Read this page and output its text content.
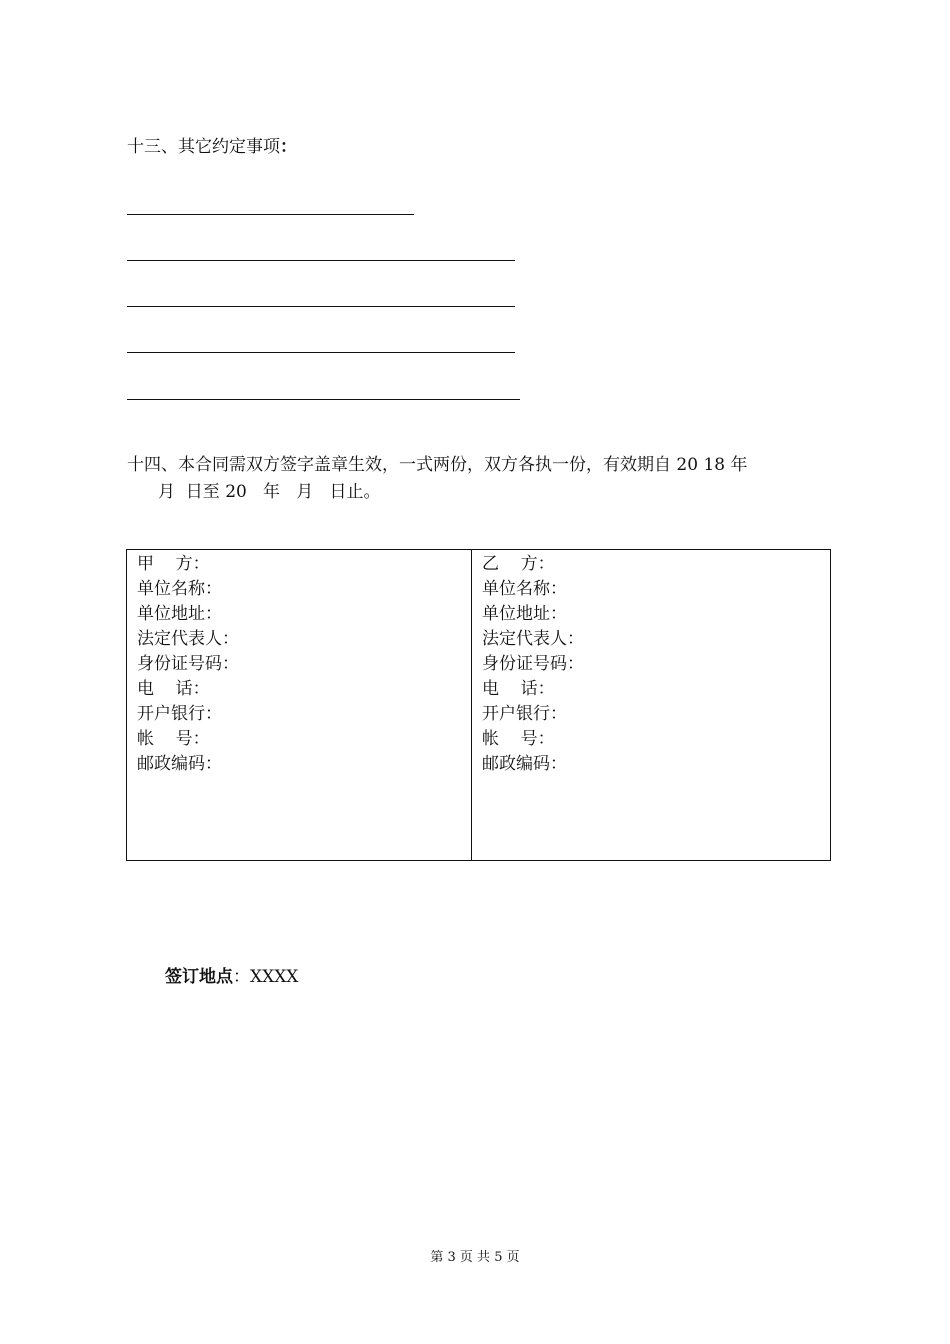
十三、其它约定事项：
十四、本合同需双方签字盖章生效，一式两份，双方各执一份，有效期自 20 18 年
月  日至 20   年   月   日止。
甲    方：
单位名称：
单位地址：
法定代表人：
身份证号码：
电    话：
开户银行：
帐    号：
邮政编码：

乙    方：
单位名称：
单位地址：
法定代表人：
身份证号码：
电    话：
开户银行：
帐    号：
邮政编码：
签订地点：XXXX
第 3 页 共 5 页
